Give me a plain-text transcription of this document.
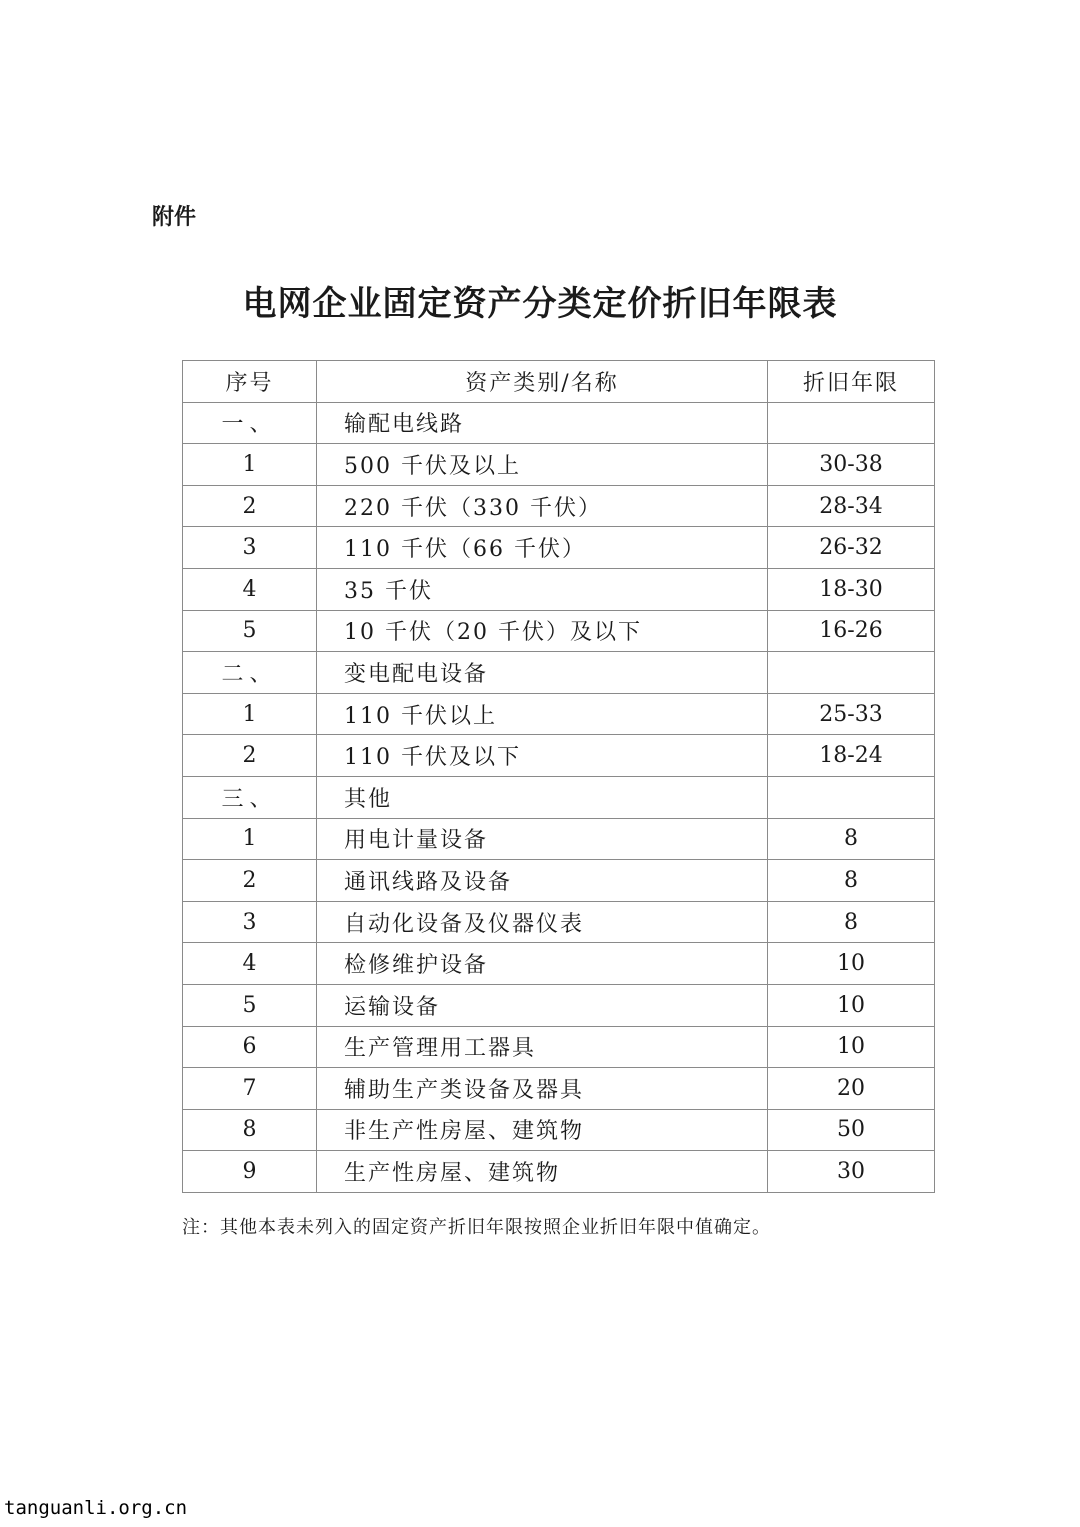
附件
电网企业固定资产分类定价折旧年限表
序号	资产类别/名称	折旧年限
一、	输配电线路	
1	500 千伏及以上	30-38
2	220 千伏（330 千伏）	28-34
3	110 千伏（66 千伏）	26-32
4	35 千伏	18-30
5	10 千伏（20 千伏）及以下	16-26
二、	变电配电设备	
1	110 千伏以上	25-33
2	110 千伏及以下	18-24
三、	其他	
1	用电计量设备	8
2	通讯线路及设备	8
3	自动化设备及仪器仪表	8
4	检修维护设备	10
5	运输设备	10
6	生产管理用工器具	10
7	辅助生产类设备及器具	20
8	非生产性房屋、建筑物	50
9	生产性房屋、建筑物	30
注：其他本表未列入的固定资产折旧年限按照企业折旧年限中值确定。
tanguanli.org.cn
